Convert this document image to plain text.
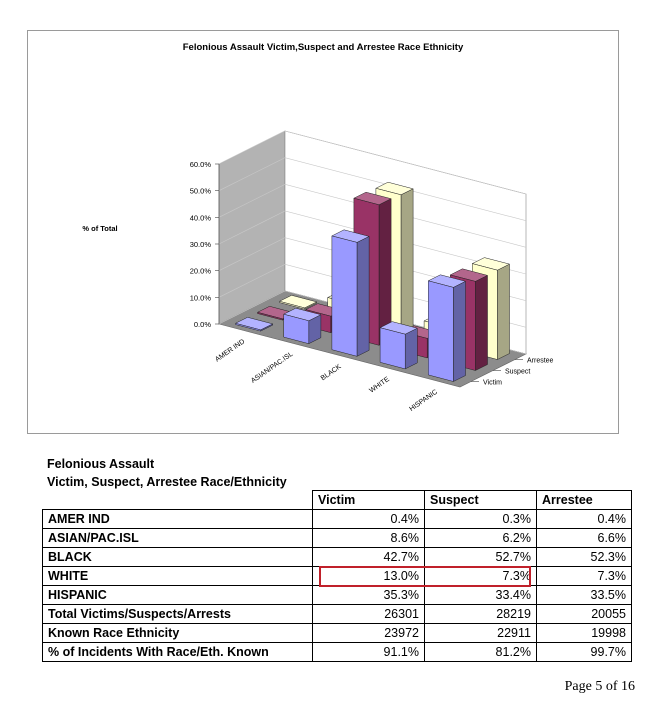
Felonious Assault Victim,Suspect and Arrestee Race Ethnicity
0.0%
10.0%
20.0%
30.0%
40.0%
50.0%
60.0%
% of Total
AMER IND ASIAN/PAC.ISL	BLACK
WHITE
HISPANIC
Victim
Suspect
Arrestee
Felonious Assault
Victim, Suspect, Arrestee Race/Ethnicity
	Victim	Suspect	Arrestee
AMER IND	0.4%	0.3%	0.4%
ASIAN/PAC.ISL	8.6%	6.2%	6.6%
BLACK	42.7%	52.7%	52.3%
WHITE	13.0%	7.3%	7.3%
HISPANIC	35.3%	33.4%	33.5%
Total Victims/Suspects/Arrests	26301	28219	20055
Known Race Ethnicity	23972	22911	19998
% of Incidents With Race/Eth. Known	91.1%	81.2%	99.7%
Page 5 of 16
